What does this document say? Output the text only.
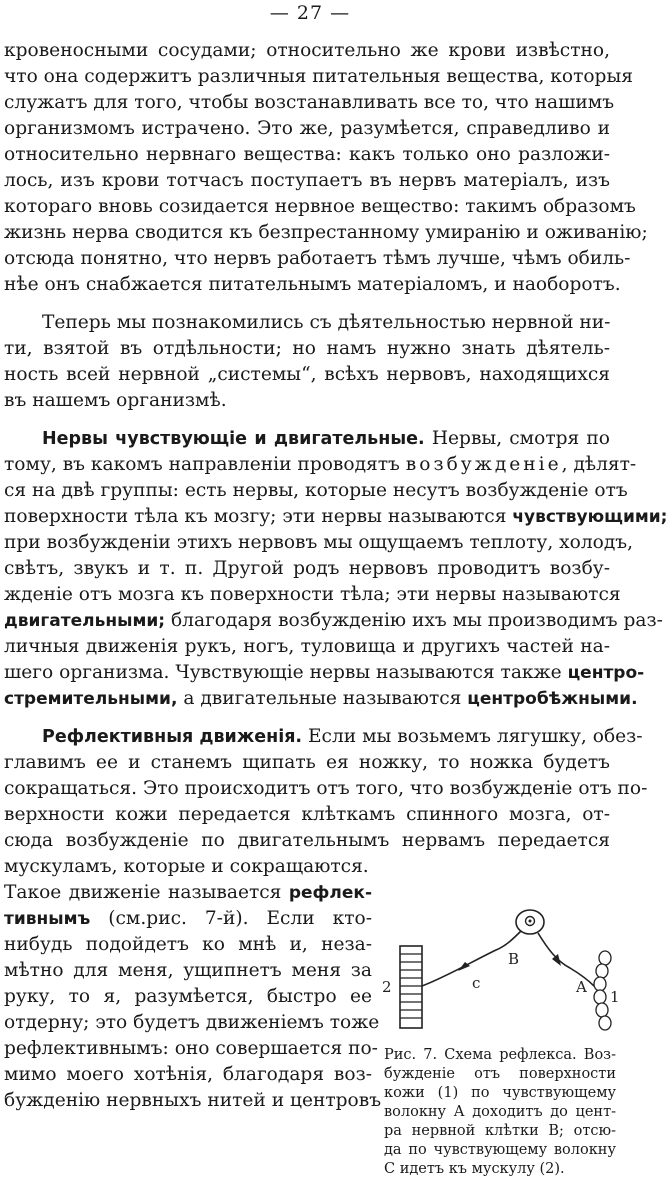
— 27 —
кровеносными сосудами; относительно же крови извѣстно,
что она содержитъ различныя питательныя вещества, которыя
служатъ для того, чтобы возстанавливать все то, что нашимъ
организмомъ истрачено. Это же, разумѣется, справедливо и
относительно нервнаго вещества: какъ только оно разложи-
лось, изъ крови тотчасъ поступаетъ въ нервъ матеріалъ, изъ
котораго вновь созидается нервное вещество: такимъ образомъ
жизнь нерва сводится къ безпрестанному умиранію и оживанію;
отсюда понятно, что нервъ работаетъ тѣмъ лучше, чѣмъ обиль-
нѣе онъ снабжается питательнымъ матеріаломъ, и наоборотъ.
Теперь мы познакомились съ дѣятельностью нервной ни-
ти, взятой въ отдѣльности; но намъ нужно знать дѣятель-
ность всей нервной „системы“, всѣхъ нервовъ, находящихся
въ нашемъ организмѣ.
Нервы чувствующіе и двигательные. Нервы, смотря по
тому, въ какомъ направленіи проводятъ возбужденіе, дѣлят-
ся на двѣ группы: есть нервы, которые несутъ возбужденіе отъ
поверхности тѣла къ мозгу; эти нервы называются чувствующими;
при возбужденіи этихъ нервовъ мы ощущаемъ теплоту, холодъ,
свѣтъ, звукъ и т. п. Другой родъ нервовъ проводитъ возбу-
жденіе отъ мозга къ поверхности тѣла; эти нервы называются
двигательными; благодаря возбужденію ихъ мы производимъ раз-
личныя движенія рукъ, ногъ, туловища и другихъ частей на-
шего организма. Чувствующіе нервы называются также центро-
стремительными, а двигательные называются центробѣжными.
Рефлективныя движенія. Если мы возьмемъ лягушку, обез-
главимъ ее и станемъ щипать ея ножку, то ножка будетъ
сокращаться. Это происходитъ отъ того, что возбужденіе отъ по-
верхности кожи передается клѣткамъ спинного мозга, от-
сюда возбужденіе по двигательнымъ нервамъ передается
мускуламъ, которые и сокращаются.
Такое движеніе называется рефлек-
тивнымъ (см.рис. 7-й). Если кто-
нибудь подойдетъ ко мнѣ и, неза-
мѣтно для меня, ущипнетъ меня за
руку, то я, разумѣется, быстро ее
отдерну; это будетъ движеніемъ тоже
рефлективнымъ: оно совершается по-
мимо моего хотѣнія, благодаря воз-
бужденію нервныхъ нитей и центровъ
2	c
B
A
1
Рис. 7. Схема рефлекса. Воз-
бужденіе отъ поверхности
кожи (1) по чувствующему
волокну А доходитъ до цент-
ра нервной клѣтки В; отсю-
да по чувствующему волокну
С идетъ къ мускулу (2).
